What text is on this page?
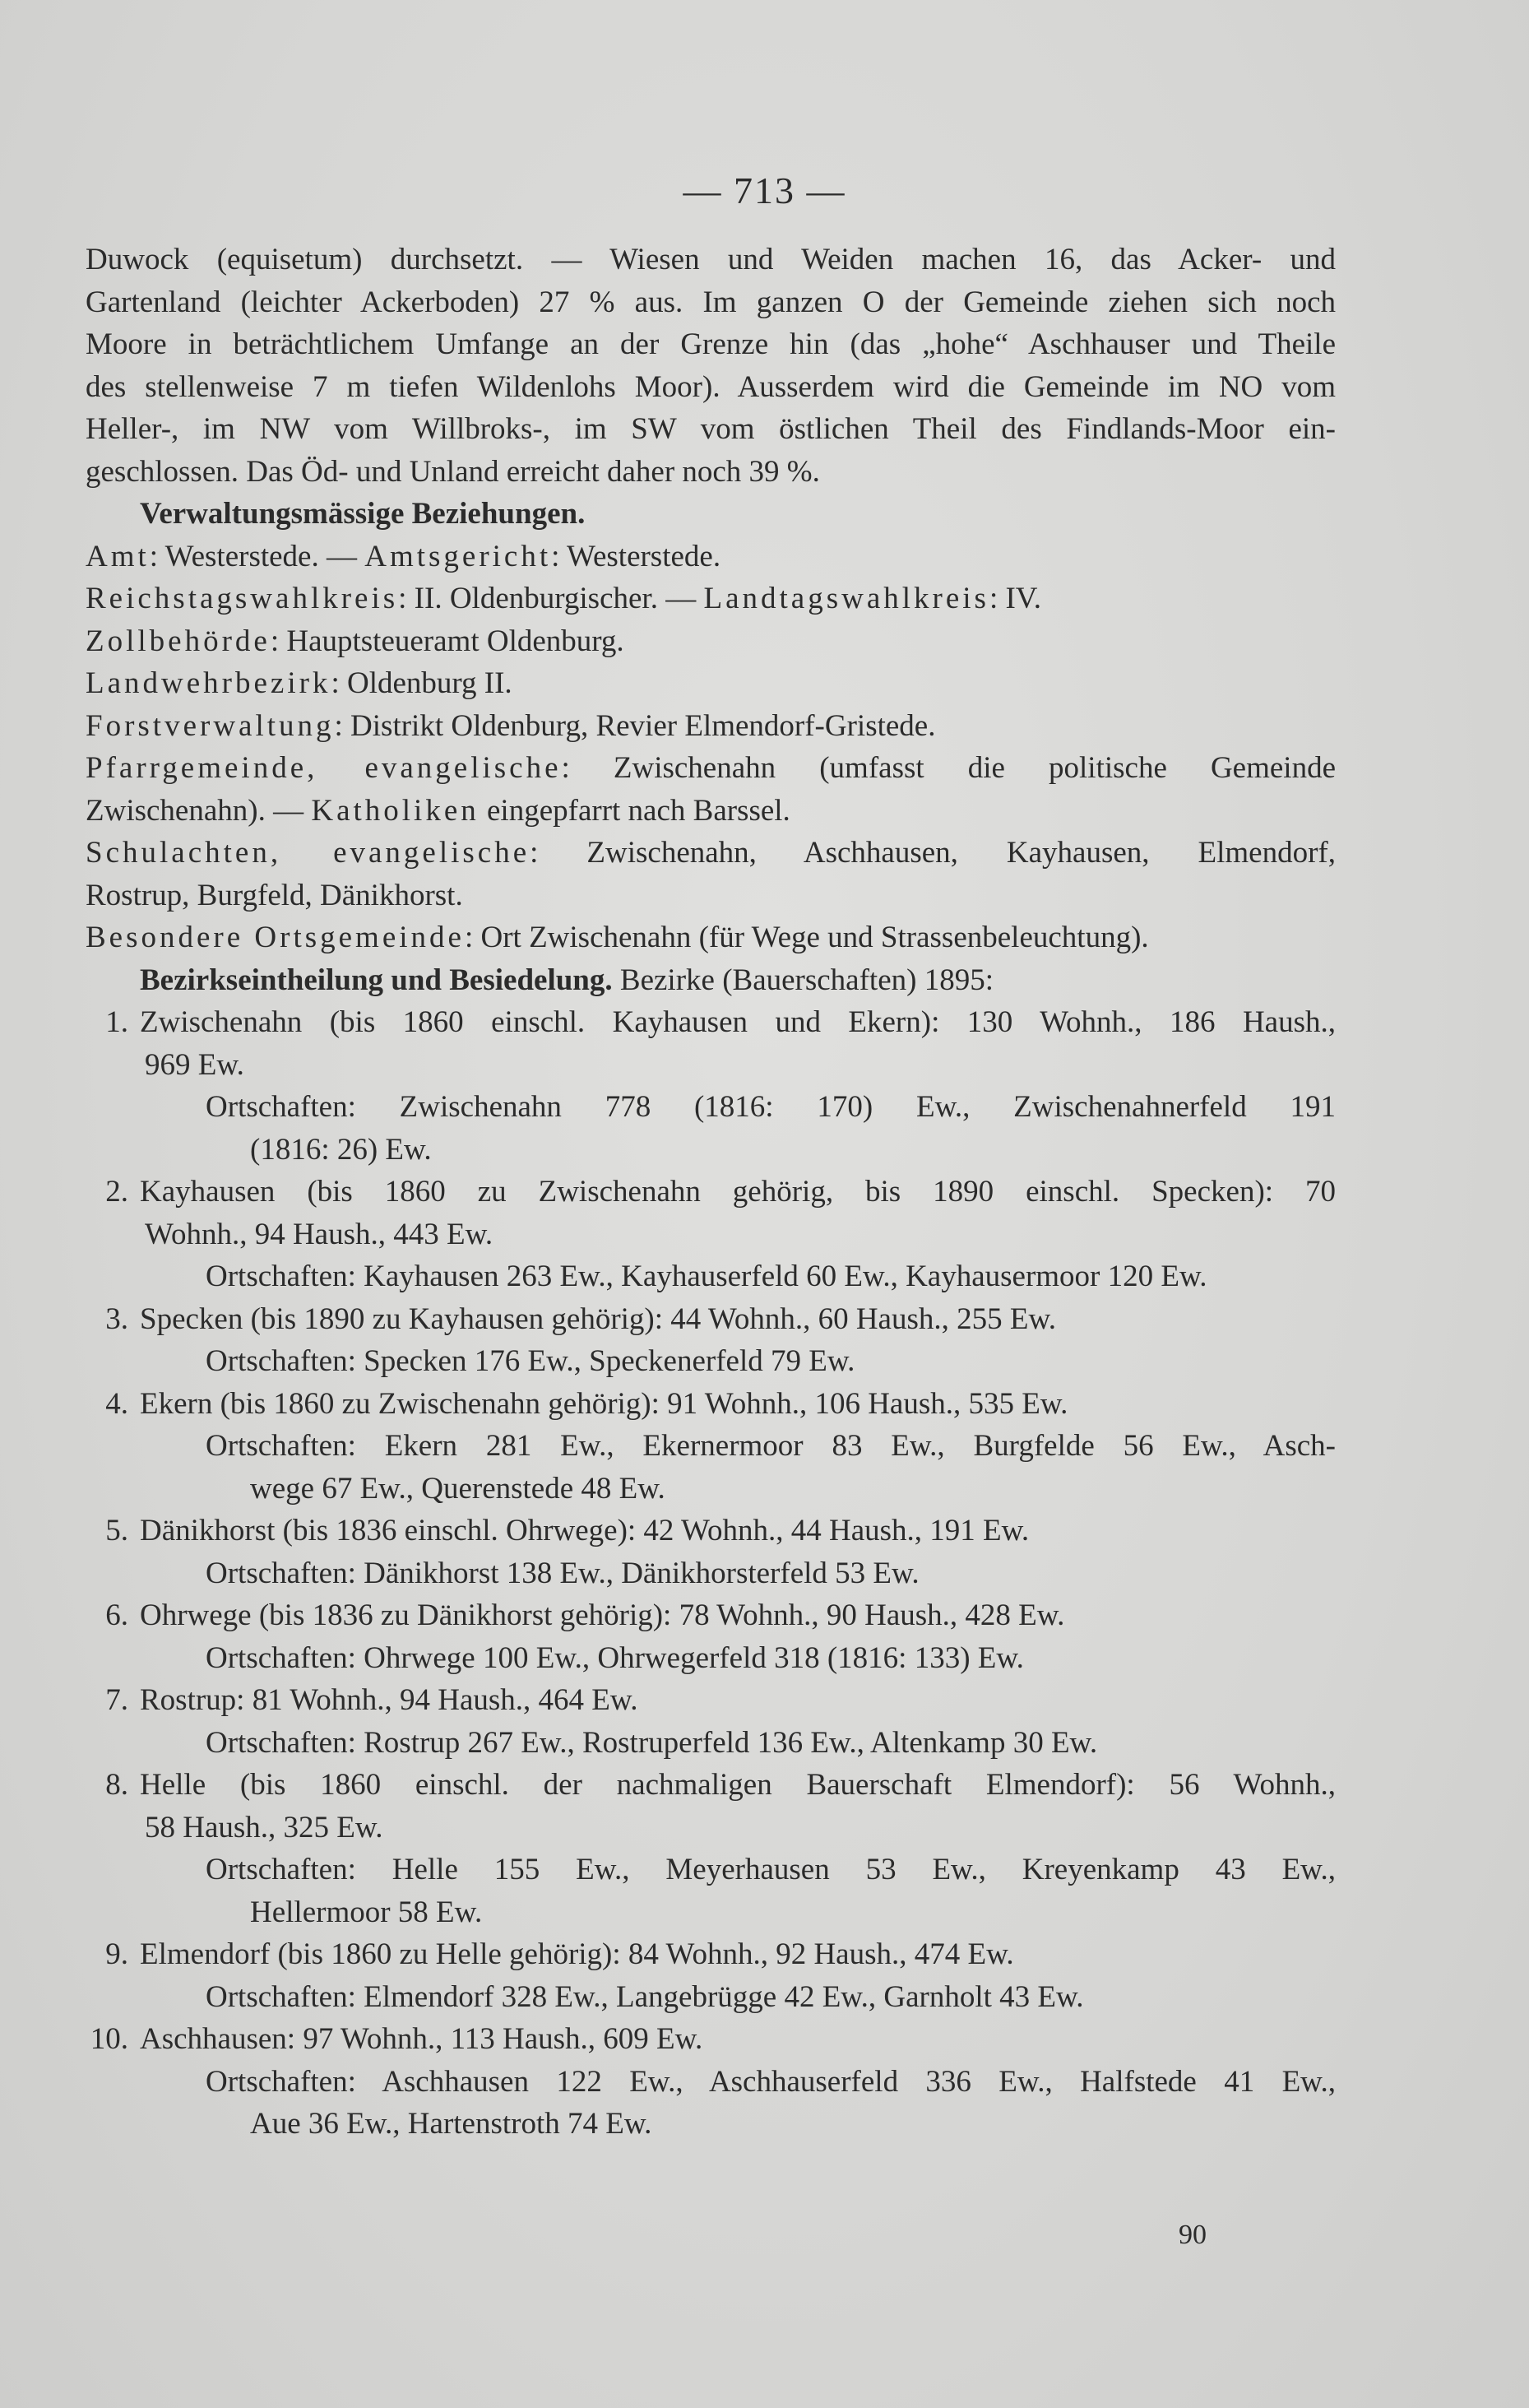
— 713 —

Duwock (equisetum) durchsetzt. — Wiesen und Weiden machen 16, das Acker- und

Gartenland (leichter Ackerboden) 27 % aus. Im ganzen O der Gemeinde ziehen sich noch

Moore in beträchtlichem Umfange an der Grenze hin (das „hohe“ Aschhauser und Theile

des stellenweise 7 m tiefen Wildenlohs Moor). Ausserdem wird die Gemeinde im NO vom

Heller-, im NW vom Willbroks-, im SW vom östlichen Theil des Findlands-Moor ein-

geschlossen. Das Öd- und Unland erreicht daher noch 39 %.

Verwaltungsmässige Beziehungen.

Amt: Westerstede. — Amtsgericht: Westerstede.

Reichstagswahlkreis: II. Oldenburgischer. — Landtagswahlkreis: IV.

Zollbehörde: Hauptsteueramt Oldenburg.

Landwehrbezirk: Oldenburg II.

Forstverwaltung: Distrikt Oldenburg, Revier Elmendorf-Gristede.

Pfarrgemeinde, evangelische: Zwischenahn (umfasst die politische Gemeinde

Zwischenahn). — Katholiken eingepfarrt nach Barssel.

Schulachten, evangelische: Zwischenahn, Aschhausen, Kayhausen, Elmendorf,

Rostrup, Burgfeld, Dänikhorst.

Besondere Ortsgemeinde: Ort Zwischenahn (für Wege und Strassenbeleuchtung).

Bezirkseintheilung und Besiedelung. Bezirke (Bauerschaften) 1895:

1. Zwischenahn (bis 1860 einschl. Kayhausen und Ekern): 130 Wohnh., 186 Haush.,

969 Ew.

Ortschaften: Zwischenahn 778 (1816: 170) Ew., Zwischenahnerfeld 191

(1816: 26) Ew.

2. Kayhausen (bis 1860 zu Zwischenahn gehörig, bis 1890 einschl. Specken): 70

Wohnh., 94 Haush., 443 Ew.

Ortschaften: Kayhausen 263 Ew., Kayhauserfeld 60 Ew., Kayhausermoor 120 Ew.

3. Specken (bis 1890 zu Kayhausen gehörig): 44 Wohnh., 60 Haush., 255 Ew.

Ortschaften: Specken 176 Ew., Speckenerfeld 79 Ew.

4. Ekern (bis 1860 zu Zwischenahn gehörig): 91 Wohnh., 106 Haush., 535 Ew.

Ortschaften: Ekern 281 Ew., Ekernermoor 83 Ew., Burgfelde 56 Ew., Asch-

wege 67 Ew., Querenstede 48 Ew.

5. Dänikhorst (bis 1836 einschl. Ohrwege): 42 Wohnh., 44 Haush., 191 Ew.

Ortschaften: Dänikhorst 138 Ew., Dänikhorsterfeld 53 Ew.

6. Ohrwege (bis 1836 zu Dänikhorst gehörig): 78 Wohnh., 90 Haush., 428 Ew.

Ortschaften: Ohrwege 100 Ew., Ohrwegerfeld 318 (1816: 133) Ew.

7. Rostrup: 81 Wohnh., 94 Haush., 464 Ew.

Ortschaften: Rostrup 267 Ew., Rostruperfeld 136 Ew., Altenkamp 30 Ew.

8. Helle (bis 1860 einschl. der nachmaligen Bauerschaft Elmendorf): 56 Wohnh.,

58 Haush., 325 Ew.

Ortschaften: Helle 155 Ew., Meyerhausen 53 Ew., Kreyenkamp 43 Ew.,

Hellermoor 58 Ew.

9. Elmendorf (bis 1860 zu Helle gehörig): 84 Wohnh., 92 Haush., 474 Ew.

Ortschaften: Elmendorf 328 Ew., Langebrügge 42 Ew., Garnholt 43 Ew.

10. Aschhausen: 97 Wohnh., 113 Haush., 609 Ew.

Ortschaften: Aschhausen 122 Ew., Aschhauserfeld 336 Ew., Halfstede 41 Ew.,

Aue 36 Ew., Hartenstroth 74 Ew.

90
